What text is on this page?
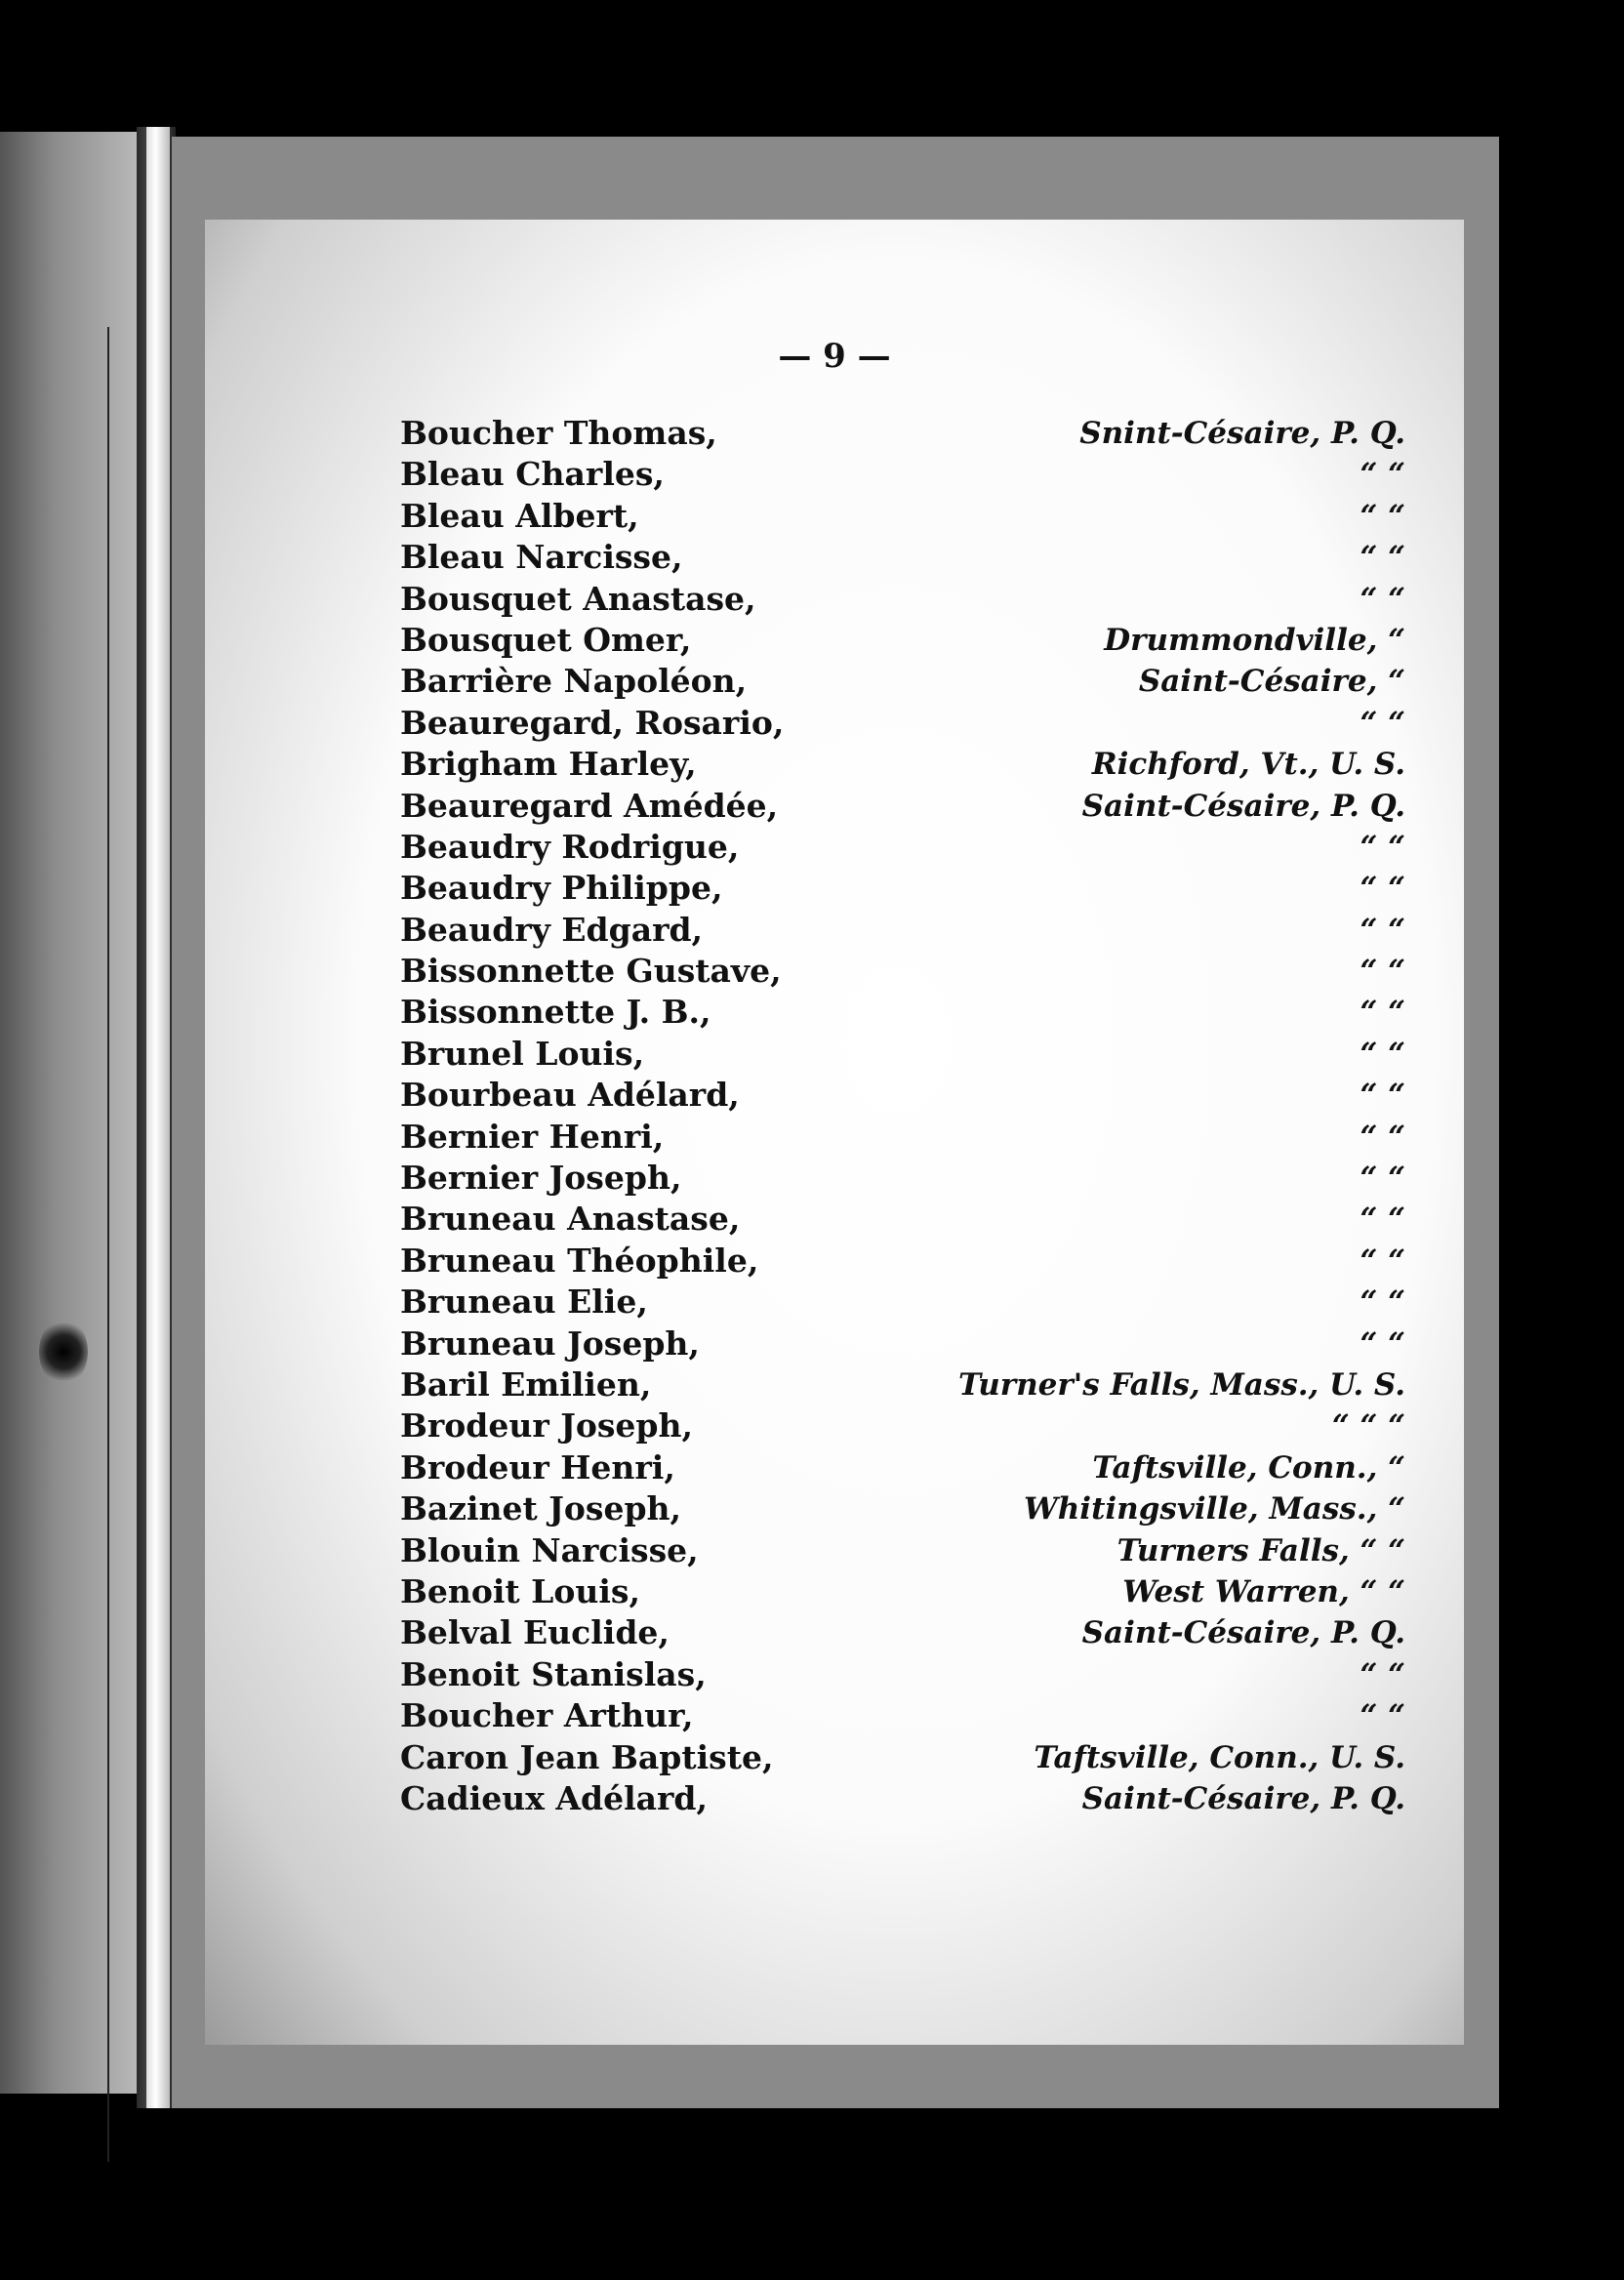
— 9 —
Boucher Thomas,	Snint-Césaire, P. Q.
Bleau Charles,	“ “
Bleau Albert,	“ “
Bleau Narcisse,	“ “
Bousquet Anastase,	“ “
Bousquet Omer,	Drummondville, “
Barrière Napoléon,	Saint-Césaire, “
Beauregard, Rosario,	“ “
Brigham Harley,	Richford, Vt., U. S.
Beauregard Amédée,	Saint-Césaire, P. Q.
Beaudry Rodrigue,	“ “
Beaudry Philippe,	“ “
Beaudry Edgard,	“ “
Bissonnette Gustave,	“ “
Bissonnette J. B.,	“ “
Brunel Louis,	“ “
Bourbeau Adélard,	“ “
Bernier Henri,	“ “
Bernier Joseph,	“ “
Bruneau Anastase,	“ “
Bruneau Théophile,	“ “
Bruneau Elie,	“ “
Bruneau Joseph,	“ “
Baril Emilien,	Turner's Falls, Mass., U. S.
Brodeur Joseph,	“ “ “
Brodeur Henri,	Taftsville, Conn., “
Bazinet Joseph,	Whitingsville, Mass., “
Blouin Narcisse,	Turners Falls, “ “
Benoit Louis,	West Warren, “ “
Belval Euclide,	Saint-Césaire, P. Q.
Benoit Stanislas,	“ “
Boucher Arthur,	“ “
Caron Jean Baptiste,	Taftsville, Conn., U. S.
Cadieux Adélard,	Saint-Césaire, P. Q.
